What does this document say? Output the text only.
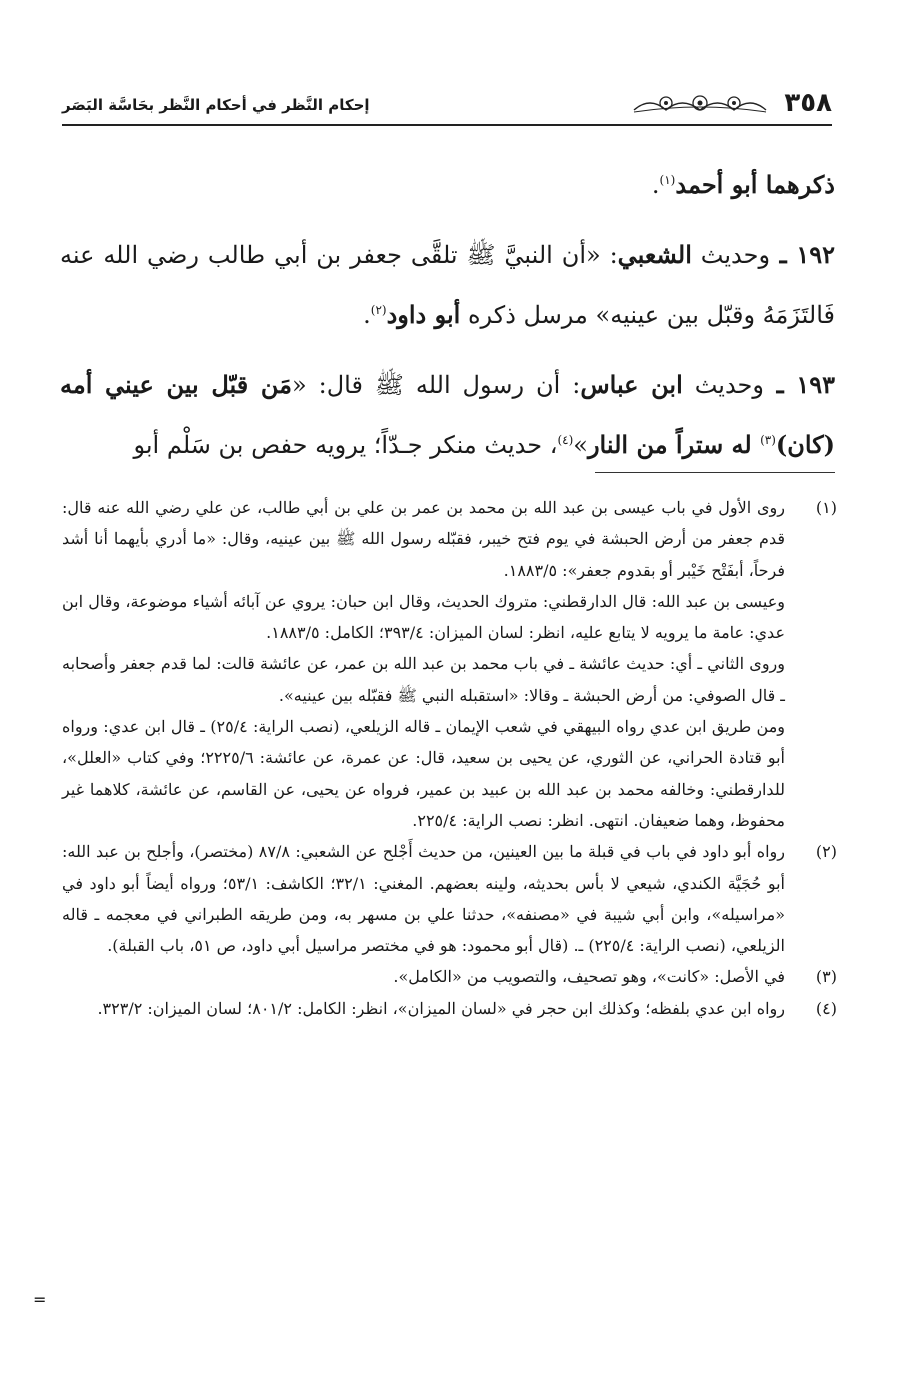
٣٥٨
إحكام النَّظر في أحكام النَّظر بحَاسَّة البَصَر

ذكرهما أبو أحمد$^{(١)}$.

١٩٢ ـ وحديث الشعبي: «أن النبيَّ ﷺ تلقَّى جعفر بن أبي طالب رضي الله عنه فَالتَزَمَهُ وقبّل بين عينيه» مرسل ذكره أبو داود$^{(٢)}$.

١٩٣ ـ وحديث ابن عباس: أن رسول الله ﷺ قال: «مَن قبّل بين عيني أمه (كان)$^{(٣)}$ له ستراً من النار»$^{(٤)}$، حديث منكر جـدّاً؛ يرويه حفص بن سَلْم أبو

(١)

روى الأول في باب عيسى بن عبد الله بن محمد بن عمر بن علي بن أبي طالب، عن علي رضي الله عنه قال: قدم جعفر من أرض الحبشة في يوم فتح خيبر، فقبّله رسول الله ﷺ بين عينيه، وقال: «ما أدري بأيهما أنا أشد فرحاً، أبفَتْح خَيْبر أو بقدوم جعفر»: ١٨٨٣/٥.

وعيسى بن عبد الله: قال الدارقطني: متروك الحديث، وقال ابن حبان: يروي عن آبائه أشياء موضوعة، وقال ابن عدي: عامة ما يرويه لا يتابع عليه، انظر: لسان الميزان: ٣٩٣/٤؛ الكامل: ١٨٨٣/٥.

وروى الثاني ـ أي: حديث عائشة ـ في باب محمد بن عبد الله بن عمر، عن عائشة قالت: لما قدم جعفر وأصحابه ـ قال الصوفي: من أرض الحبشة ـ وقالا: «استقبله النبي ﷺ فقبّله بين عينيه».

ومن طريق ابن عدي رواه البيهقي في شعب الإيمان ـ قاله الزيلعي، (نصب الراية: ٢٥/٤) ـ قال ابن عدي: ورواه أبو قتادة الحراني، عن الثوري، عن يحيى بن سعيد، قال: عن عمرة، عن عائشة: ٢٢٢٥/٦؛ وفي كتاب «العلل»، للدارقطني: وخالفه محمد بن عبد الله بن عبيد بن عمير، فرواه عن يحيى، عن القاسم، عن عائشة، كلاهما غير محفوظ، وهما ضعيفان. انتهى. انظر: نصب الراية: ٢٢٥/٤.

(٢)

رواه أبو داود في باب في قبلة ما بين العينين، من حديث أَجْلح عن الشعبي: ٨٧/٨ (مختصر)، وأجلح بن عبد الله: أبو حُجَيَّة الكندي، شيعي لا بأس بحديثه، ولينه بعضهم. المغني: ٣٢/١؛ الكاشف: ٥٣/١؛ ورواه أيضاً أبو داود في «مراسيله»، وابن أبي شيبة في «مصنفه»، حدثنا علي بن مسهر به، ومن طريقه الطبراني في معجمه ـ قاله الزيلعي، (نصب الراية: ٢٢٥/٤) ـ. (قال أبو محمود: هو في مختصر مراسيل أبي داود، ص ٥١، باب القبلة).

(٣)

في الأصل: «كانت»، وهو تصحيف، والتصويب من «الكامل».

(٤)

رواه ابن عدي بلفظه؛ وكذلك ابن حجر في «لسان الميزان»، انظر: الكامل: ٨٠١/٢؛ لسان الميزان: ٣٢٣/٢.

=
